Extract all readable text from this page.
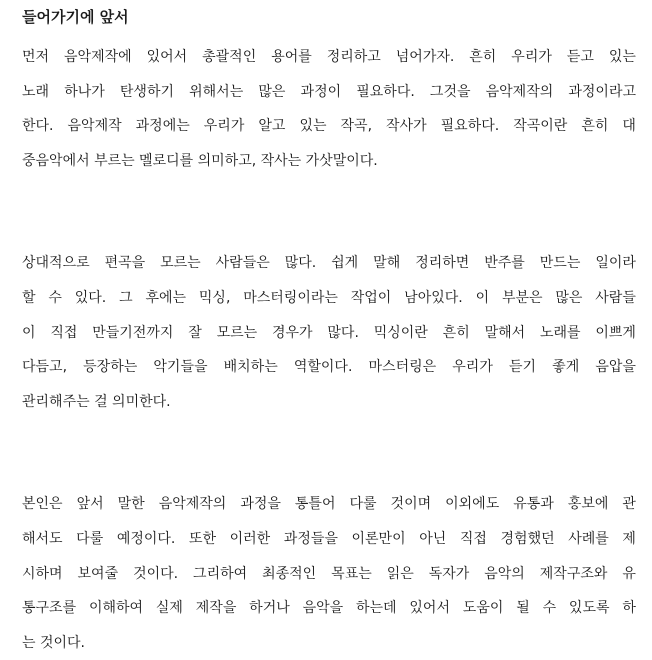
들어가기에 앞서
먼저 음악제작에 있어서 총괄적인 용어를 정리하고 넘어가자. 흔히 우리가 듣고 있는
노래 하나가 탄생하기 위해서는 많은 과정이 필요하다. 그것을 음악제작의 과정이라고
한다. 음악제작 과정에는 우리가 알고 있는 작곡, 작사가 필요하다. 작곡이란 흔히 대
중음악에서 부르는 멜로디를 의미하고, 작사는 가삿말이다.
상대적으로 편곡을 모르는 사람들은 많다. 쉽게 말해 정리하면 반주를 만드는 일이라
할 수 있다. 그 후에는 믹싱, 마스터링이라는 작업이 남아있다. 이 부분은 많은 사람들
이 직접 만들기전까지 잘 모르는 경우가 많다. 믹싱이란 흔히 말해서 노래를 이쁘게
다듬고, 등장하는 악기들을 배치하는 역할이다. 마스터링은 우리가 듣기 좋게 음압을
관리해주는 걸 의미한다.
본인은 앞서 말한 음악제작의 과정을 통틀어 다룰 것이며 이외에도 유통과 홍보에 관
해서도 다룰 예정이다. 또한 이러한 과정들을 이론만이 아닌 직접 경험했던 사례를 제
시하며 보여줄 것이다. 그리하여 최종적인 목표는 읽은 독자가 음악의 제작구조와 유
통구조를 이해하여 실제 제작을 하거나 음악을 하는데 있어서 도움이 될 수 있도록 하
는 것이다.
